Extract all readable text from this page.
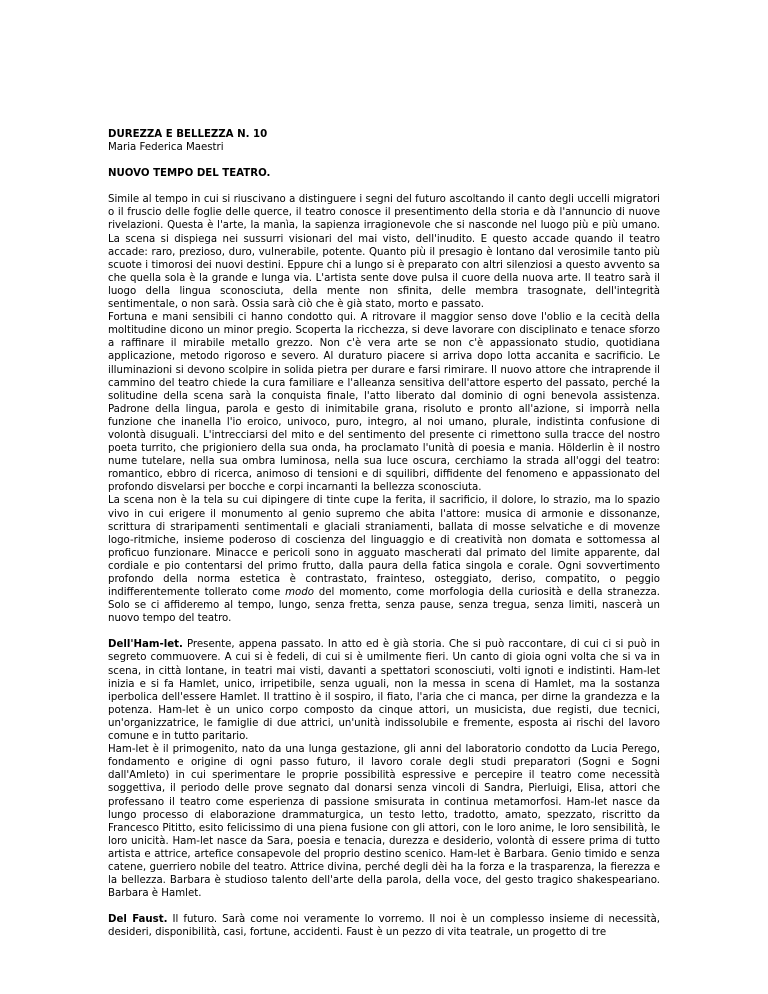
DUREZZA E BELLEZZA N. 10

Maria Federica Maestri

NUOVO TEMPO DEL TEATRO.

Simile al tempo in cui si riuscivano a distinguere i segni del futuro ascoltando il canto degli uccelli migratori o il fruscio delle foglie delle querce, il teatro conosce il presentimento della storia e dà l'annuncio di nuove rivelazioni. Questa è l'arte, la manìa, la sapienza irragionevole che si nasconde nel luogo più e più umano. La scena si dispiega nei sussurri visionari del mai visto, dell'inudito. E questo accade quando il teatro accade: raro, prezioso, duro, vulnerabile, potente. Quanto più il presagio è lontano dal verosimile tanto più scuote i timorosi dei nuovi destini. Eppure chi a lungo si è preparato con altri silenziosi a questo avvento sa che quella sola è la grande e lunga via. L'artista sente dove pulsa il cuore della nuova arte. Il teatro sarà il luogo della lingua sconosciuta, della mente non sfinita, delle membra trasognate, dell'integrità sentimentale, o non sarà. Ossia sarà ciò che è già stato, morto e passato.

Fortuna e mani sensibili ci hanno condotto qui. A ritrovare il maggior senso dove l'oblio e la cecità della moltitudine dicono un minor pregio. Scoperta la ricchezza, si deve lavorare con disciplinato e tenace sforzo a raffinare il mirabile metallo grezzo. Non c'è vera arte se non c'è appassionato studio, quotidiana applicazione, metodo rigoroso e severo. Al duraturo piacere si arriva dopo lotta accanita e sacrificio. Le illuminazioni si devono scolpire in solida pietra per durare e farsi rimirare. Il nuovo attore che intraprende il cammino del teatro chiede la cura familiare e l'alleanza sensitiva dell'attore esperto del passato, perché la solitudine della scena sarà la conquista finale, l'atto liberato dal dominio di ogni benevola assistenza. Padrone della lingua, parola e gesto di inimitabile grana, risoluto e pronto all'azione, si imporrà nella funzione che inanella l'io eroico, univoco, puro, integro, al noi umano, plurale, indistinta confusione di volontà disuguali. L'intrecciarsi del mito e del sentimento del presente ci rimettono sulla tracce del nostro poeta turrito, che prigioniero della sua onda, ha proclamato l'unità di poesia e mania. Hölderlin è il nostro nume tutelare, nella sua ombra luminosa, nella sua luce oscura, cerchiamo la strada all'oggi del teatro: romantico, ebbro di ricerca, animoso di tensioni e di squilibri, diffidente del fenomeno e appassionato del profondo disvelarsi per bocche e corpi incarnanti la bellezza sconosciuta.

La scena non è la tela su cui dipingere di tinte cupe la ferita, il sacrificio, il dolore, lo strazio, ma lo spazio vivo in cui erigere il monumento al genio supremo che abita l'attore: musica di armonie e dissonanze, scrittura di straripamenti sentimentali e glaciali straniamenti, ballata di mosse selvatiche e di movenze logo-ritmiche, insieme poderoso di coscienza del linguaggio e di creatività non domata e sottomessa al proficuo funzionare. Minacce e pericoli sono in agguato mascherati dal primato del limite apparente, dal cordiale e pio contentarsi del primo frutto, dalla paura della fatica singola e corale. Ogni sovvertimento profondo della norma estetica è contrastato, frainteso, osteggiato, deriso, compatito, o peggio indifferentemente tollerato come modo del momento, come morfologia della curiosità e della stranezza. Solo se ci affideremo al tempo, lungo, senza fretta, senza pause, senza tregua, senza limiti, nascerà un nuovo tempo del teatro.

Dell'Ham-let. Presente, appena passato. In atto ed è già storia. Che si può raccontare, di cui ci si può in segreto commuovere. A cui si è fedeli, di cui si è umilmente fieri. Un canto di gioia ogni volta che si va in scena, in città lontane, in teatri mai visti, davanti a spettatori sconosciuti, volti ignoti e indistinti. Ham-let inizia e si fa Hamlet, unico, irripetibile, senza uguali, non la messa in scena di Hamlet, ma la sostanza iperbolica dell'essere Hamlet. Il trattino è il sospiro, il fiato, l'aria che ci manca, per dirne la grandezza e la potenza. Ham-let è un unico corpo composto da cinque attori, un musicista, due registi, due tecnici, un'organizzatrice, le famiglie di due attrici, un'unità indissolubile e fremente, esposta ai rischi del lavoro comune e in tutto paritario.

Ham-let è il primogenito, nato da una lunga gestazione, gli anni del laboratorio condotto da Lucia Perego, fondamento e origine di ogni passo futuro, il lavoro corale degli studi preparatori (Sogni e Sogni dall'Amleto) in cui sperimentare le proprie possibilità espressive e percepire il teatro come necessità soggettiva, il periodo delle prove segnato dal donarsi senza vincoli di Sandra, Pierluigi, Elisa, attori che professano il teatro come esperienza di passione smisurata in continua metamorfosi. Ham-let nasce da lungo processo di elaborazione drammaturgica, un testo letto, tradotto, amato, spezzato, riscritto da Francesco Pititto, esito felicissimo di una piena fusione con gli attori, con le loro anime, le loro sensibilità, le loro unicità. Ham-let nasce da Sara, poesia e tenacia, durezza e desiderio, volontà di essere prima di tutto artista e attrice, artefice consapevole del proprio destino scenico. Ham-let è Barbara. Genio timido e senza catene, guerriero nobile del teatro. Attrice divina, perché degli dèi ha la forza e la trasparenza, la fierezza e la bellezza. Barbara è studioso talento dell'arte della parola, della voce, del gesto tragico shakespeariano. Barbara è Hamlet.

Del Faust. Il futuro. Sarà come noi veramente lo vorremo. Il noi è un complesso insieme di necessità, desideri, disponibilità, casi, fortune, accidenti. Faust è un pezzo di vita teatrale, un progetto di tre
